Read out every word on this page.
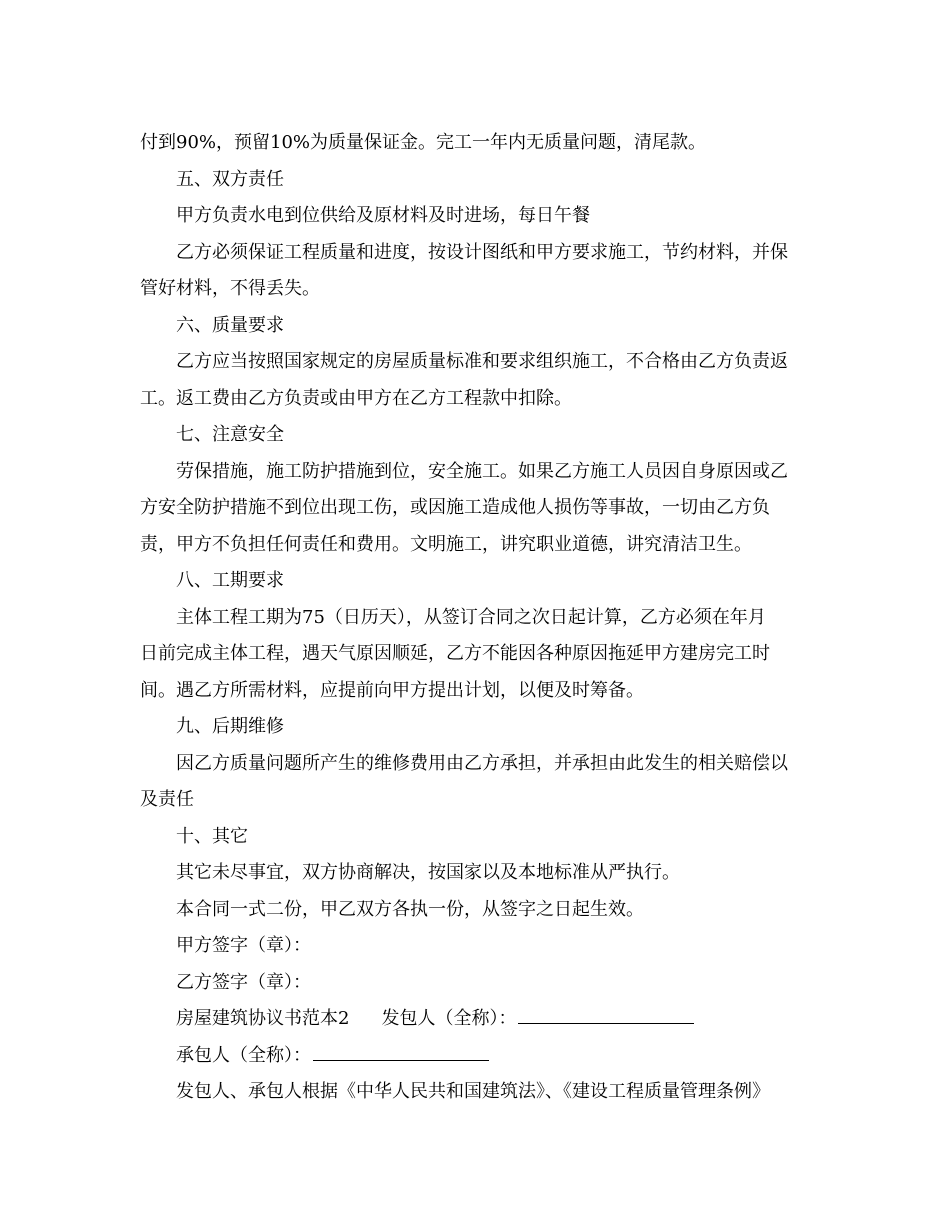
付到90%，预留10%为质量保证金。完工一年内无质量问题，清尾款。
五、双方责任
甲方负责水电到位供给及原材料及时进场，每日午餐
乙方必须保证工程质量和进度，按设计图纸和甲方要求施工，节约材料，并保
管好材料，不得丢失。
六、质量要求
乙方应当按照国家规定的房屋质量标准和要求组织施工，不合格由乙方负责返
工。返工费由乙方负责或由甲方在乙方工程款中扣除。
七、注意安全
劳保措施，施工防护措施到位，安全施工。如果乙方施工人员因自身原因或乙
方安全防护措施不到位出现工伤，或因施工造成他人损伤等事故，一切由乙方负
责，甲方不负担任何责任和费用。文明施工，讲究职业道德，讲究清洁卫生。
八、工期要求
主体工程工期为75（日历天），从签订合同之次日起计算，乙方必须在年月
日前完成主体工程，遇天气原因顺延，乙方不能因各种原因拖延甲方建房完工时
间。遇乙方所需材料，应提前向甲方提出计划，以便及时筹备。
九、后期维修
因乙方质量问题所产生的维修费用由乙方承担，并承担由此发生的相关赔偿以
及责任
十、其它
其它未尽事宜，双方协商解决，按国家以及本地标准从严执行。
本合同一式二份，甲乙双方各执一份，从签字之日起生效。
甲方签字（章）：
乙方签字（章）：
房屋建筑协议书范本2 发包人（全称）：
承包人（全称）：
发包人、承包人根据《中华人民共和国建筑法》、《建设工程质量管理条例》
